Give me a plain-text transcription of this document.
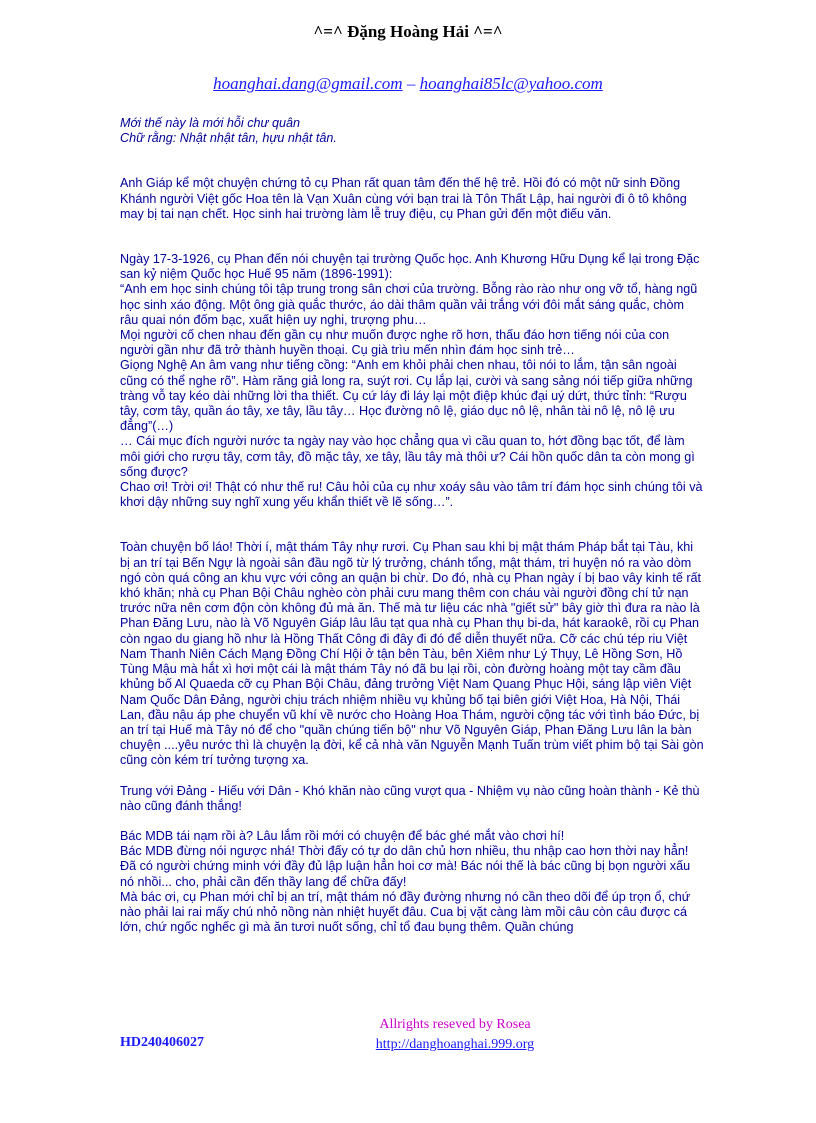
^=^ Đặng Hoàng Hải ^=^
hoanghai.dang@gmail.com – hoanghai85lc@yahoo.com

Mới thế này là mới hỗi chư quân

Chữ rằng: Nhật nhật tân, hựu nhật tân.

Anh Giáp kể một chuyện chứng tỏ cụ Phan rất quan tâm đến thế hệ trẻ. Hồi đó có một nữ sinh Đồng Khánh người Việt gốc Hoa tên là Vạn Xuân cùng với bạn trai là Tôn Thất Lập, hai người đi ô tô không may bị tai nạn chết. Học sinh hai trường làm lễ truy điệu, cụ Phan gửi đến một điếu văn.

Ngày 17-3-1926, cụ Phan đến nói chuyện tại trường Quốc học. Anh Khương Hữu Dụng kể lại trong Đặc san kỷ niệm Quốc học Huế 95 năm (1896-1991):

“Anh em học sinh chúng tôi tập trung trong sân chơi của trường. Bỗng rào rào như ong vỡ tổ, hàng ngũ học sinh xáo động. Một ông già quắc thước, áo dài thâm quần vải trắng với đôi mắt sáng quắc, chòm râu quai nón đốm bạc, xuất hiện uy nghi, trượng phu…

Mọi người cố chen nhau đến gần cụ như muốn được nghe rõ hơn, thấu đáo hơn tiếng nói của con người gần như đã trở thành huyền thoại. Cụ già trìu mến nhìn đám học sinh trẻ…

Giọng Nghệ An âm vang như tiếng cồng: “Anh em khỏi phải chen nhau, tôi nói to lắm, tận sân ngoài cũng có thể nghe rõ”. Hàm răng giả long ra, suýt rơi. Cụ lắp lại, cười và sang sảng nói tiếp giữa những tràng vỗ tay kéo dài những lời tha thiết. Cụ cứ láy đi láy lại một điệp khúc đại uý dứt, thức tỉnh: “Rượu tây, cơm tây, quần áo tây, xe tây, lầu tây… Học đường nô lệ, giáo dục nô lệ, nhân tài nô lệ, nô lệ ưu đẳng”(…)

… Cái mục đích người nước ta ngày nay vào học chẳng qua vì cầu quan to, hớt đồng bạc tốt, để làm môi giới cho rượu tây, cơm tây, đồ mặc tây, xe tây, lầu tây mà thôi ư? Cái hồn quốc dân ta còn mong gì sống được?

Chao ơi! Trời ơi! Thật có như thế ru! Câu hỏi của cụ như xoáy sâu vào tâm trí đám học sinh chúng tôi và khơi dậy những suy nghĩ xung yếu khẩn thiết về lẽ sống…”.

Toàn chuyện bố láo! Thời í, mật thám Tây nhự rươi. Cụ Phan sau khi bị mật thám Pháp bắt tại Tàu, khi bị an trí tại Bến Ngự là ngoài sân đầu ngõ từ lý trưởng, chánh tổng, mật thám, tri huyện nó ra vào dòm ngó còn quá công an khu vực với công an quận bi chừ. Do đó, nhà cụ Phan ngày í bị bao vây kinh tế rất khó khăn; nhà cụ Phan Bội Châu nghèo còn phải cưu mang thêm con cháu vài người đồng chí tử nạn trước nữa nên cơm độn còn không đủ mà ăn. Thế mà tư liệu các nhà "giết sử" bây giờ thì đưa ra nào là Phan Đăng Lưu, nào là Võ Nguyên Giáp lâu lâu tạt qua nhà cụ Phan thụ bi-da, hát karaokê, rồi cụ Phan còn ngao du giang hồ như là Hồng Thất Công đi đây đi đó để diễn thuyết nữa. Cỡ các chú tép riu Việt Nam Thanh Niên Cách Mạng Đồng Chí Hội ở tận bên Tàu, bên Xiêm như Lý Thụy, Lê Hồng Sơn, Hồ Tùng Mậu mà hắt xì hơi một cái là mật thám Tây nó đã bu lại rồi, còn đường hoàng một tay cầm đầu khủng bố Al Quaeda cỡ cụ Phan Bội Châu, đảng trưởng Việt Nam Quang Phục Hội, sáng lập viên Việt Nam Quốc Dân Đảng, người chịu trách nhiệm nhiều vụ khủng bố tại biên giới Việt Hoa, Hà Nội, Thái Lan, đầu nậu áp phe chuyển vũ khí về nước cho Hoàng Hoa Thám, người cộng tác với tình báo Đức, bị an trí tại Huế mà Tây nó để cho "quần chúng tiến bộ" như Võ Nguyên Giáp, Phan Đăng Lưu lân la bàn chuyện ....yêu nước thì là chuyện lạ đời, kể cả nhà văn Nguyễn Mạnh Tuấn trùm viết phim bộ tại Sài gòn cũng còn kém trí tưởng tượng xa.

Trung với Đảng - Hiếu với Dân - Khó khăn nào cũng vượt qua - Nhiệm vụ nào cũng hoàn thành - Kẻ thù nào cũng đánh thắng!

Bác MDB tái nạm rồi à? Lâu lắm rồi mới có chuyện để bác ghé mắt vào chơi hí!

Bác MDB đừng nói ngược nhá! Thời đấy có tự do dân chủ hơn nhiều, thu nhập cao hơn thời nay hẳn! Đã có người chứng minh với đầy đủ lập luận hẳn hoi cơ mà! Bác nói thế là bác cũng bị bọn người xấu nó nhồi... cho, phải cần đến thầy lang để chữa đấy!

Mà bác ơi, cụ Phan mới chỉ bị an trí, mật thám nó đầy đường nhưng nó cần theo dõi để úp trọn ổ, chứ nào phải lai rai mấy chú nhỏ nồng nàn nhiệt huyết đâu. Cua bị vặt càng làm mồi câu còn câu được cá lớn, chứ ngốc nghếc gì mà ăn tươi nuốt sống, chỉ tổ đau bụng thêm. Quần chúng

Allrights reseved by Rosea
http://danghoanghai.999.org
HD240406027
